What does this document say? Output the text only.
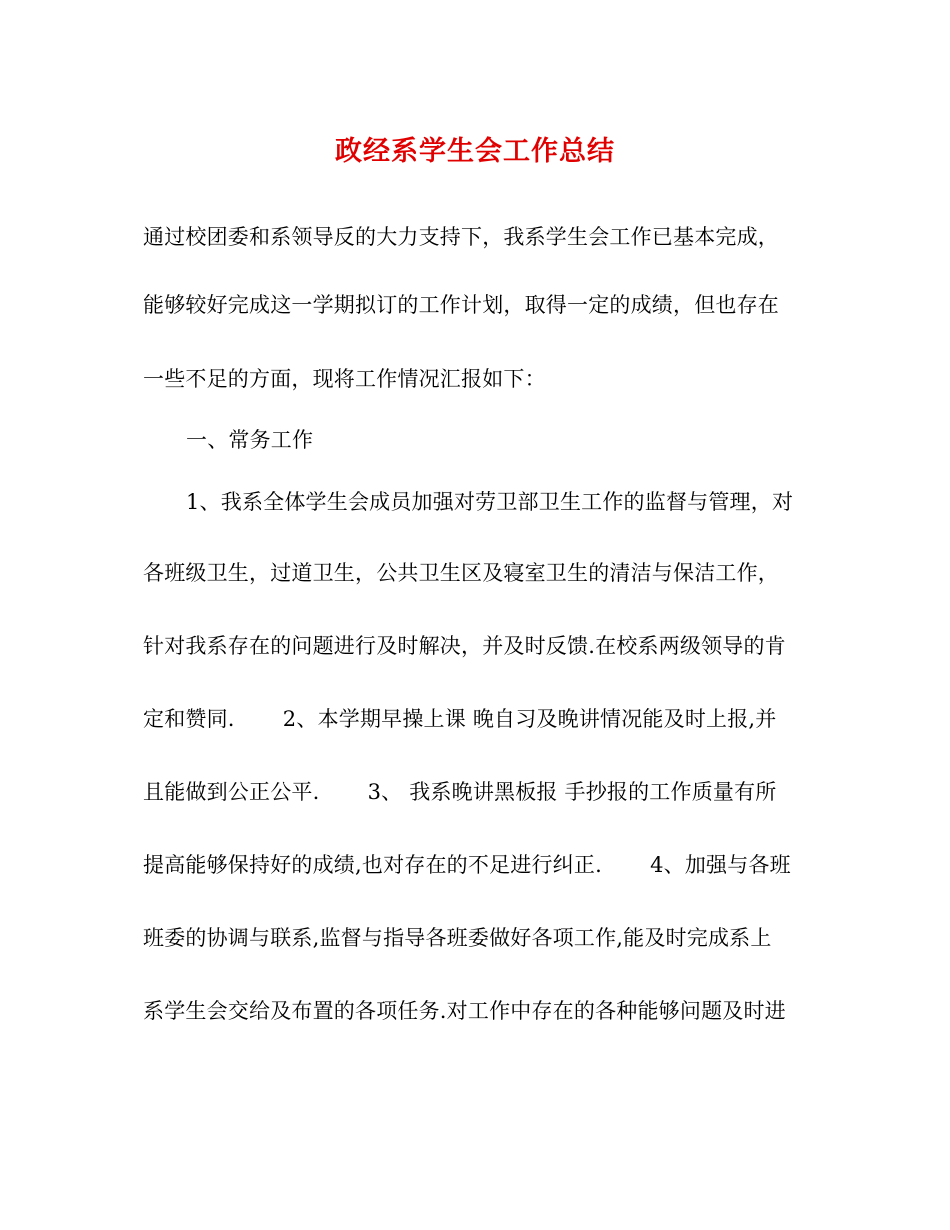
政经系学生会工作总结
通过校团委和系领导反的大力支持下，我系学生会工作已基本完成，
能够较好完成这一学期拟订的工作计划，取得一定的成绩，但也存在
一些不足的方面，现将工作情况汇报如下：
一、常务工作
1、我系全体学生会成员加强对劳卫部卫生工作的监督与管理，对
各班级卫生，过道卫生，公共卫生区及寝室卫生的清洁与保洁工作，
针对我系存在的问题进行及时解决，并及时反馈.在校系两级领导的肯
定和赞同.       2、本学期早操上课 晚自习及晚讲情况能及时上报,并
且能做到公正公平.       3、 我系晚讲黑板报 手抄报的工作质量有所
提高能够保持好的成绩,也对存在的不足进行纠正.       4、加强与各班
班委的协调与联系,监督与指导各班委做好各项工作,能及时完成系上
系学生会交给及布置的各项任务.对工作中存在的各种能够问题及时进
